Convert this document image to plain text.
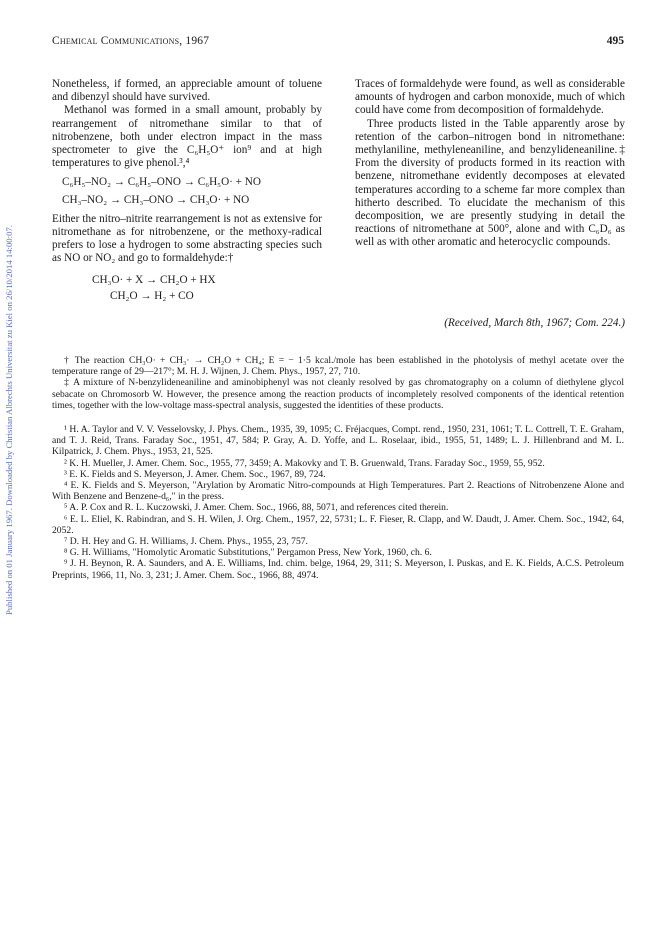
Published on 01 January 1967. Downloaded by Christian Albrechts Universitat zu Kiel on 26/10/2014 14:00:07.
Chemical Communications, 1967	495

Nonetheless, if formed, an appreciable amount of toluene and dibenzyl should have survived.

Methanol was formed in a small amount, probably by rearrangement of nitromethane similar to that of nitrobenzene, both under electron impact in the mass spectrometer to give the C₆H₅O⁺ ion⁹ and at high temperatures to give phenol.³,⁴

C₆H₅–NO₂ → C₆H₅–ONO → C₆H₅O· + NO
CH₃–NO₂ → CH₃–ONO → CH₃O· + NO

Either the nitro–nitrite rearrangement is not as extensive for nitromethane as for nitrobenzene, or the methoxy-radical prefers to lose a hydrogen to some abstracting species such as NO or NO₂ and go to formaldehyde:†

CH₃O· + X → CH₂O + HX
CH₂O → H₂ + CO

Traces of formaldehyde were found, as well as considerable amounts of hydrogen and carbon monoxide, much of which could have come from decomposition of formaldehyde.

Three products listed in the Table apparently arose by retention of the carbon–nitrogen bond in nitromethane: methylaniline, methyleneaniline, and benzylideneaniline.‡ From the diversity of products formed in its reaction with benzene, nitromethane evidently decomposes at elevated temperatures according to a scheme far more complex than hitherto described. To elucidate the mechanism of this decomposition, we are presently studying in detail the reactions of nitromethane at 500°, alone and with C₆D₆ as well as with other aromatic and heterocyclic compounds.

(Received, March 8th, 1967; Com. 224.)

† The reaction CH₃O· + CH₃· → CH₂O + CH₄; E = − 1·5 kcal./mole has been established in the photolysis of methyl acetate over the temperature range of 29—217°; M. H. J. Wijnen, J. Chem. Phys., 1957, 27, 710.

‡ A mixture of N-benzylideneaniline and aminobiphenyl was not cleanly resolved by gas chromatography on a column of diethylene glycol sebacate on Chromosorb W. However, the presence among the reaction products of incompletely resolved components of the identical retention times, together with the low-voltage mass-spectral analysis, suggested the identities of these products.

¹ H. A. Taylor and V. V. Vesselovsky, J. Phys. Chem., 1935, 39, 1095; C. Fréjacques, Compt. rend., 1950, 231, 1061; T. L. Cottrell, T. E. Graham, and T. J. Reid, Trans. Faraday Soc., 1951, 47, 584; P. Gray, A. D. Yoffe, and L. Roselaar, ibid., 1955, 51, 1489; L. J. Hillenbrand and M. L. Kilpatrick, J. Chem. Phys., 1953, 21, 525.

² K. H. Mueller, J. Amer. Chem. Soc., 1955, 77, 3459; A. Makovky and T. B. Gruenwald, Trans. Faraday Soc., 1959, 55, 952.

³ E. K. Fields and S. Meyerson, J. Amer. Chem. Soc., 1967, 89, 724.

⁴ E. K. Fields and S. Meyerson, "Arylation by Aromatic Nitro-compounds at High Temperatures. Part 2. Reactions of Nitrobenzene Alone and With Benzene and Benzene-d₆," in the press.

⁵ A. P. Cox and R. L. Kuczowski, J. Amer. Chem. Soc., 1966, 88, 5071, and references cited therein.

⁶ E. L. Eliel, K. Rabindran, and S. H. Wilen, J. Org. Chem., 1957, 22, 5731; L. F. Fieser, R. Clapp, and W. Daudt, J. Amer. Chem. Soc., 1942, 64, 2052.

⁷ D. H. Hey and G. H. Williams, J. Chem. Phys., 1955, 23, 757.

⁸ G. H. Williams, "Homolytic Aromatic Substitutions," Pergamon Press, New York, 1960, ch. 6.

⁹ J. H. Beynon, R. A. Saunders, and A. E. Williams, Ind. chim. belge, 1964, 29, 311; S. Meyerson, I. Puskas, and E. K. Fields, A.C.S. Petroleum Preprints, 1966, 11, No. 3, 231; J. Amer. Chem. Soc., 1966, 88, 4974.
